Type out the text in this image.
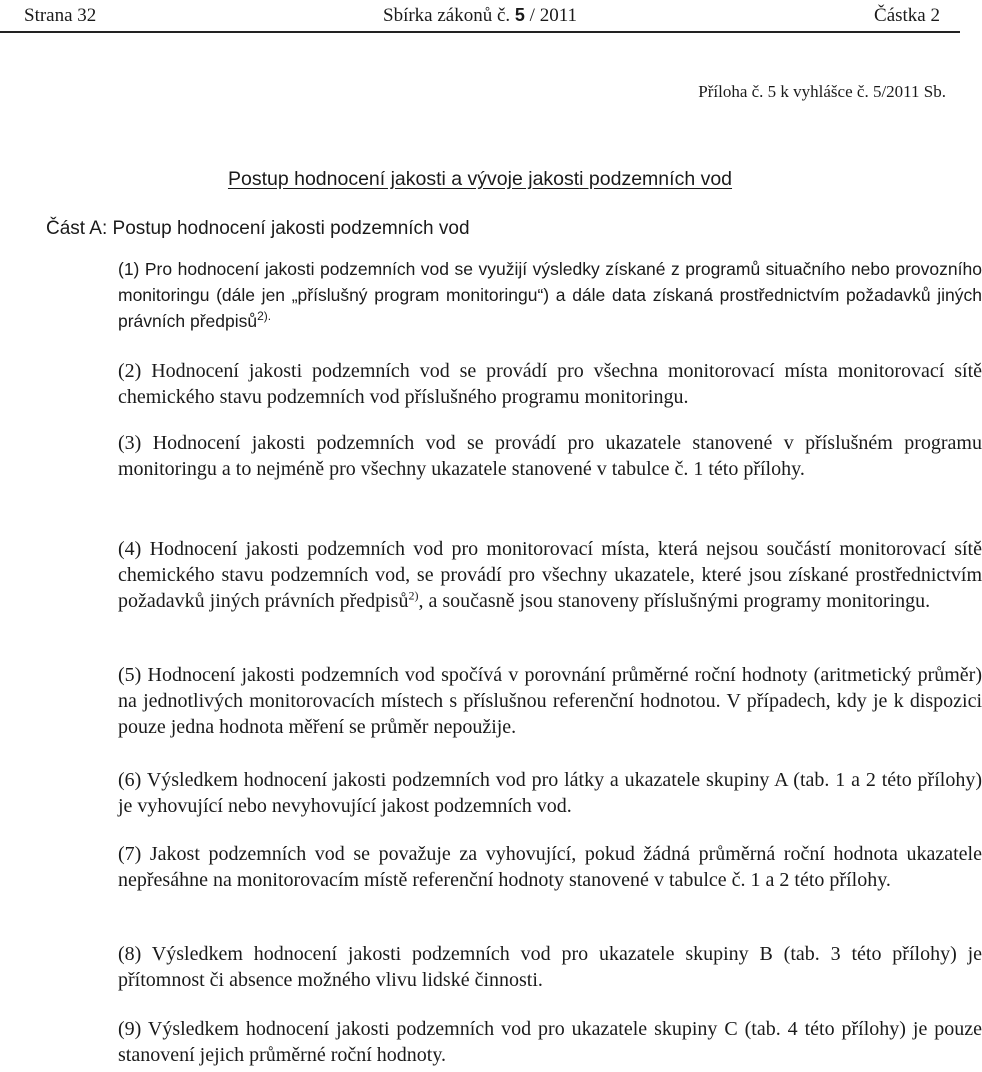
Strana 32	Sbírka zákonů č. 5 / 2011	Částka 2
Příloha č. 5 k vyhlášce č. 5/2011 Sb.
Postup hodnocení jakosti a vývoje jakosti podzemních vod
Část A: Postup hodnocení jakosti podzemních vod

(1) Pro hodnocení jakosti podzemních vod se využijí výsledky získané z programů situačního nebo provozního monitoringu (dále jen „příslušný program monitoringu“) a dále data získaná prostřednictvím požadavků jiných právních předpisů$^{2).}$

(2) Hodnocení jakosti podzemních vod se provádí pro všechna monitorovací místa monitorovací sítě chemického stavu podzemních vod příslušného programu monitoringu.

(3) Hodnocení jakosti podzemních vod se provádí pro ukazatele stanovené v příslušném programu monitoringu a to nejméně pro všechny ukazatele stanovené v tabulce č. 1 této přílohy.

(4) Hodnocení jakosti podzemních vod pro monitorovací místa, která nejsou součástí monitorovací sítě chemického stavu podzemních vod, se provádí pro všechny ukazatele, které jsou získané prostřednictvím požadavků jiných právních předpisů$^{2)}$, a současně jsou stanoveny příslušnými programy monitoringu.

(5) Hodnocení jakosti podzemních vod spočívá v porovnání průměrné roční hodnoty (aritmetický průměr) na jednotlivých monitorovacích místech s příslušnou referenční hodnotou. V případech, kdy je k dispozici pouze jedna hodnota měření se průměr nepoužije.

(6) Výsledkem hodnocení jakosti podzemních vod pro látky a ukazatele skupiny A (tab. 1 a 2 této přílohy) je vyhovující nebo nevyhovující jakost podzemních vod.

(7) Jakost podzemních vod se považuje za vyhovující, pokud žádná průměrná roční hodnota ukazatele nepřesáhne na monitorovacím místě referenční hodnoty stanovené v tabulce č. 1 a 2 této přílohy.

(8) Výsledkem hodnocení jakosti podzemních vod pro ukazatele skupiny B (tab. 3 této přílohy) je přítomnost či absence možného vlivu lidské činnosti.

(9) Výsledkem hodnocení jakosti podzemních vod pro ukazatele skupiny C (tab. 4 této přílohy) je pouze stanovení jejich průměrné roční hodnoty.
